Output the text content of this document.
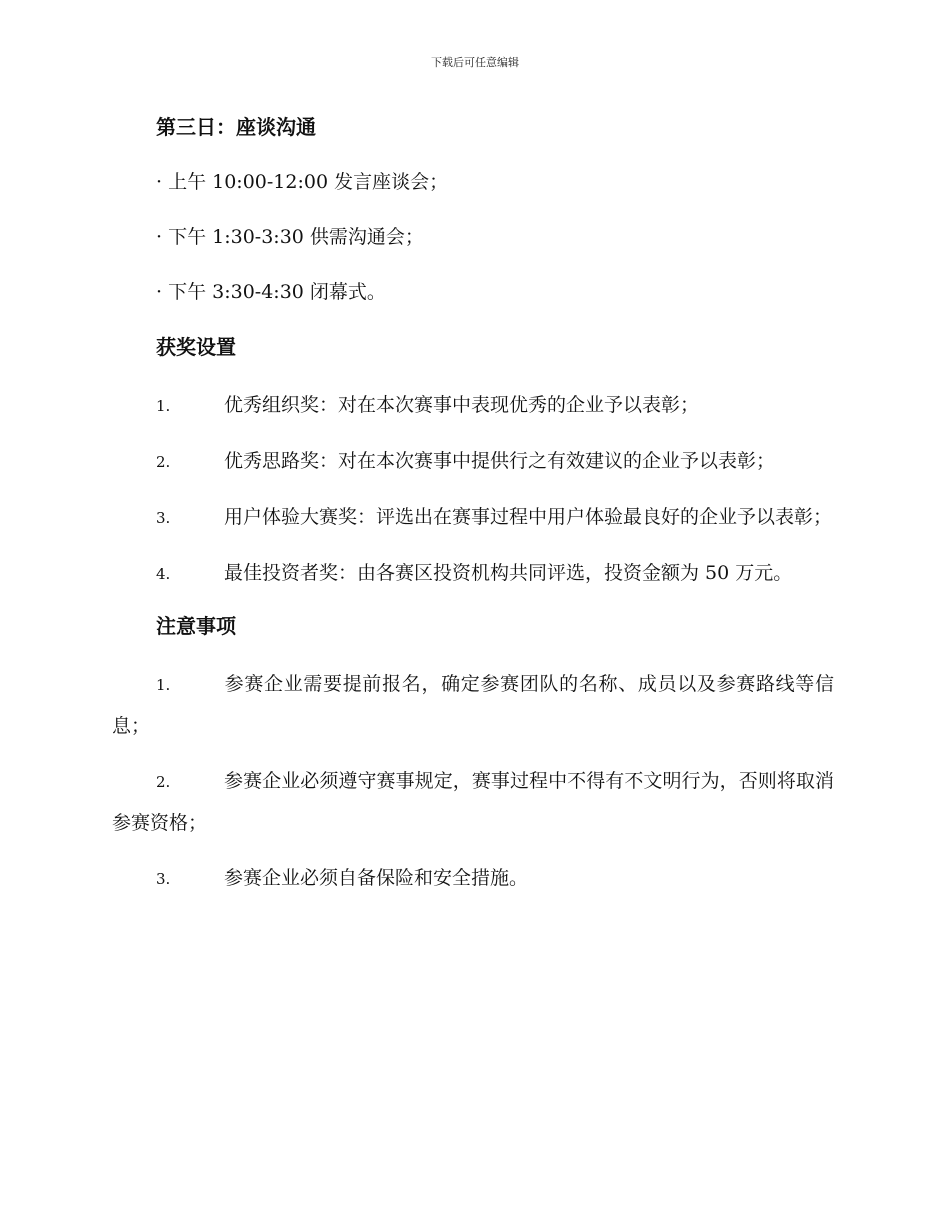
下载后可任意编辑
第三日：座谈沟通
· 上午 10:00-12:00 发言座谈会；
· 下午 1:30-3:30 供需沟通会；
· 下午 3:30-4:30 闭幕式。
获奖设置
1.	优秀组织奖：对在本次赛事中表现优秀的企业予以表彰；
2.	优秀思路奖：对在本次赛事中提供行之有效建议的企业予以表彰；
3.	用户体验大赛奖：评选出在赛事过程中用户体验最良好的企业予以表彰；
4.	最佳投资者奖：由各赛区投资机构共同评选，投资金额为 50 万元。
注意事项
1.	参赛企业需要提前报名，确定参赛团队的名称、成员以及参赛路线等信息；
2.	参赛企业必须遵守赛事规定，赛事过程中不得有不文明行为，否则将取消参赛资格；
3.	参赛企业必须自备保险和安全措施。
